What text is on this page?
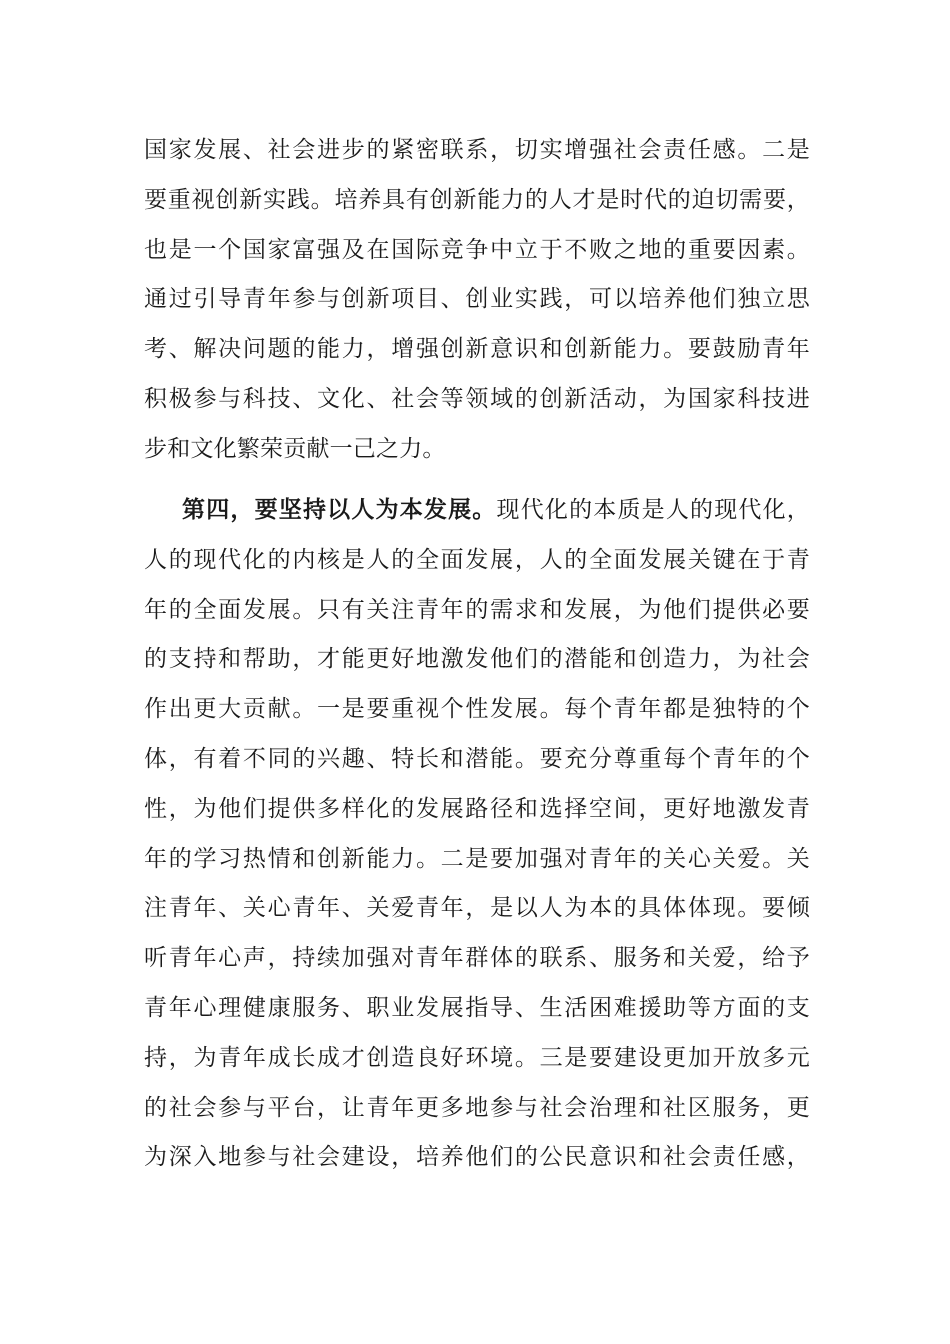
国家发展、社会进步的紧密联系，切实增强社会责任感。二是
要重视创新实践。培养具有创新能力的人才是时代的迫切需要，
也是一个国家富强及在国际竞争中立于不败之地的重要因素。
通过引导青年参与创新项目、创业实践，可以培养他们独立思
考、解决问题的能力，增强创新意识和创新能力。要鼓励青年
积极参与科技、文化、社会等领域的创新活动，为国家科技进
步和文化繁荣贡献一己之力。
第四，要坚持以人为本发展。现代化的本质是人的现代化，
人的现代化的内核是人的全面发展，人的全面发展关键在于青
年的全面发展。只有关注青年的需求和发展，为他们提供必要
的支持和帮助，才能更好地激发他们的潜能和创造力，为社会
作出更大贡献。一是要重视个性发展。每个青年都是独特的个
体，有着不同的兴趣、特长和潜能。要充分尊重每个青年的个
性，为他们提供多样化的发展路径和选择空间，更好地激发青
年的学习热情和创新能力。二是要加强对青年的关心关爱。关
注青年、关心青年、关爱青年，是以人为本的具体体现。要倾
听青年心声，持续加强对青年群体的联系、服务和关爱，给予
青年心理健康服务、职业发展指导、生活困难援助等方面的支
持，为青年成长成才创造良好环境。三是要建设更加开放多元
的社会参与平台，让青年更多地参与社会治理和社区服务，更
为深入地参与社会建设，培养他们的公民意识和社会责任感，
